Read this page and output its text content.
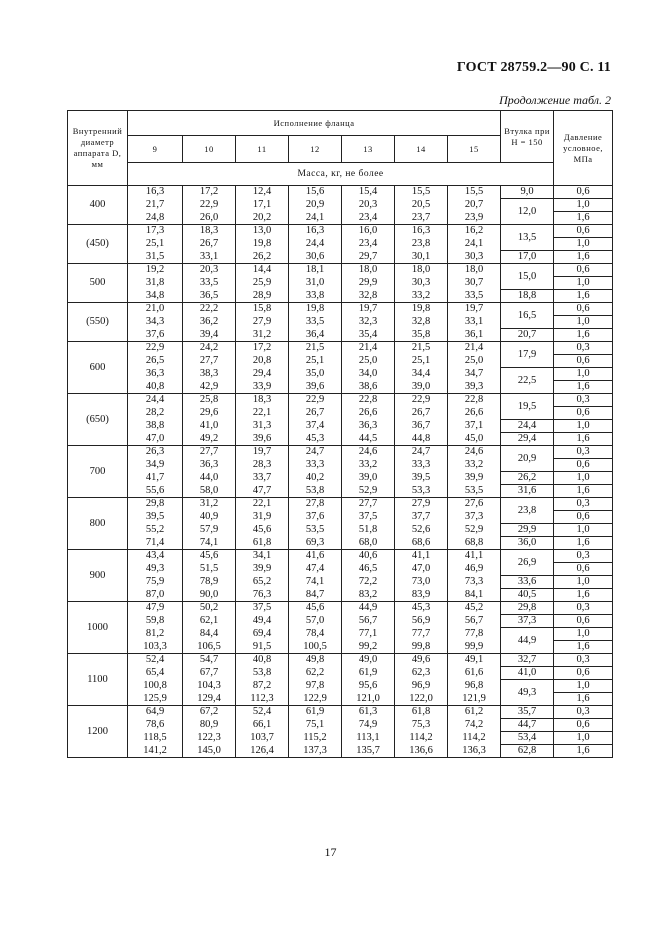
ГОСТ 28759.2—90 С. 11
Продолжение табл. 2
Внутренний диаметр аппарата D, мм	Исполнение фланца							Втулка при H = 150	Давление условное, МПа
	9	10	11	12	13	14	15		
	Масса, кг, не более								
400	16,3	17,2	12,4	15,6	15,4	15,5	15,5	9,0	0,6
	21,7	22,9	17,1	20,9	20,3	20,5	20,7	12,0	1,0
	24,8	26,0	20,2	24,1	23,4	23,7	23,9		1,6
(450)	17,3	18,3	13,0	16,3	16,0	16,3	16,2	13,5	0,6
	25,1	26,7	19,8	24,4	23,4	23,8	24,1		1,0
	31,5	33,1	26,2	30,6	29,7	30,1	30,3	17,0	1,6
500	19,2	20,3	14,4	18,1	18,0	18,0	18,0	15,0	0,6
	31,8	33,5	25,9	31,0	29,9	30,3	30,7		1,0
	34,8	36,5	28,9	33,8	32,8	33,2	33,5	18,8	1,6
(550)	21,0	22,2	15,8	19,8	19,7	19,8	19,7	16,5	0,6
	34,3	36,2	27,9	33,5	32,3	32,8	33,1		1,0
	37,6	39,4	31,2	36,4	35,4	35,8	36,1	20,7	1,6
600	22,9	24,2	17,2	21,5	21,4	21,5	21,4	17,9	0,3
	26,5	27,7	20,8	25,1	25,0	25,1	25,0		0,6
	36,3	38,3	29,4	35,0	34,0	34,4	34,7	22,5	1,0
	40,8	42,9	33,9	39,6	38,6	39,0	39,3		1,6
(650)	24,4	25,8	18,3	22,9	22,8	22,9	22,8	19,5	0,3
	28,2	29,6	22,1	26,7	26,6	26,7	26,6		0,6
	38,8	41,0	31,3	37,4	36,3	36,7	37,1	24,4	1,0
	47,0	49,2	39,6	45,3	44,5	44,8	45,0	29,4	1,6
700	26,3	27,7	19,7	24,7	24,6	24,7	24,6	20,9	0,3
	34,9	36,3	28,3	33,3	33,2	33,3	33,2		0,6
	41,7	44,0	33,7	40,2	39,0	39,5	39,9	26,2	1,0
	55,6	58,0	47,7	53,8	52,9	53,3	53,5	31,6	1,6
800	29,8	31,2	22,1	27,8	27,7	27,9	27,6	23,8	0,3
	39,5	40,9	31,9	37,6	37,5	37,7	37,3		0,6
	55,2	57,9	45,6	53,5	51,8	52,6	52,9	29,9	1,0
	71,4	74,1	61,8	69,3	68,0	68,6	68,8	36,0	1,6
900	43,4	45,6	34,1	41,6	40,6	41,1	41,1	26,9	0,3
	49,3	51,5	39,9	47,4	46,5	47,0	46,9		0,6
	75,9	78,9	65,2	74,1	72,2	73,0	73,3	33,6	1,0
	87,0	90,0	76,3	84,7	83,2	83,9	84,1	40,5	1,6
1000	47,9	50,2	37,5	45,6	44,9	45,3	45,2	29,8	0,3
	59,8	62,1	49,4	57,0	56,7	56,9	56,7	37,3	0,6
	81,2	84,4	69,4	78,4	77,1	77,7	77,8	44,9	1,0
	103,3	106,5	91,5	100,5	99,2	99,8	99,9		1,6
1100	52,4	54,7	40,8	49,8	49,0	49,6	49,1	32,7	0,3
	65,4	67,7	53,8	62,2	61,9	62,3	61,6	41,0	0,6
	100,8	104,3	87,2	97,8	95,6	96,9	96,8	49,3	1,0
	125,9	129,4	112,3	122,9	121,0	122,0	121,9		1,6
1200	64,9	67,2	52,4	61,9	61,3	61,8	61,2	35,7	0,3
	78,6	80,9	66,1	75,1	74,9	75,3	74,2	44,7	0,6
	118,5	122,3	103,7	115,2	113,1	114,2	114,2	53,4	1,0
	141,2	145,0	126,4	137,3	135,7	136,6	136,3	62,8	1,6
17
